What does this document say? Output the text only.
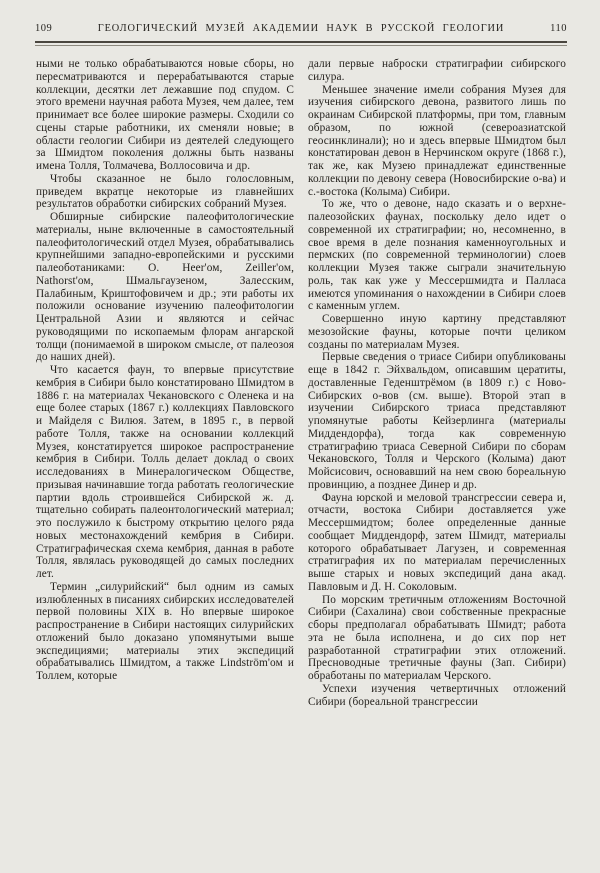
109	ГЕОЛОГИЧЕСКИЙ МУЗЕЙ АКАДЕМИИ НАУК В РУССКОЙ ГЕОЛОГИИ	110

ными не только обрабатываются новые сборы, но пересматриваются и перерабатываются старые коллекции, десятки лет лежавшие под спудом. С этого времени научная работа Музея, чем далее, тем принимает все более широкие размеры. Сходили со сцены старые работники, их сменяли новые; в области геологии Сибири из деятелей следующего за Шмидтом поколения должны быть названы имена Толля, Толмачева, Воллосовича и др.

Чтобы сказанное не было голословным, приведем вкратце некоторые из главнейших результатов обработки сибирских собраний Музея.

Обширные сибирские палеофитологические материалы, ныне включенные в самостоятельный палеофитологический отдел Музея, обрабатывались крупнейшими западно-европейскими и русскими палеоботаниками: O. Heer'ом, Zeiller'ом, Nathorst'ом, Шмальгаузеном, Залесским, Палабиным, Криштофовичем и др.; эти работы их положили основание изучению палеофитологии Центральной Азии и являются и сейчас руководящими по ископаемым флорам ангарской толщи (понимаемой в широком смысле, от палеозоя до наших дней).

Что касается фаун, то впервые присутствие кембрия в Сибири было констатировано Шмидтом в 1886 г. на материалах Чекановского с Оленека и на еще более старых (1867 г.) коллекциях Павловского и Майделя с Вилюя. Затем, в 1895 г., в первой работе Толля, также на основании коллекций Музея, констатируется широкое распространение кембрия в Сибири. Толль делает доклад о своих исследованиях в Минералогическом Обществе, призывая начинавшие тогда работать геологические партии вдоль строившейся Сибирской ж. д. тщательно собирать палеонтологический материал; это послужило к быстрому открытию целого ряда новых местонахождений кембрия в Сибири. Стратиграфическая схема кембрия, данная в работе Толля, являлась руководящей до самых последних лет.

Термин „силурийский“ был одним из самых излюбленных в писаниях сибирских исследователей первой половины XIX в. Но впервые широкое распространение в Сибири настоящих силурийских отложений было доказано упомянутыми выше экспедициями; материалы этих экспедиций обрабатывались Шмидтом, а также Lindström'ом и Толлем, которые

дали первые наброски стратиграфии сибирского силура.

Меньшее значение имели собрания Музея для изучения сибирского девона, развитого лишь по окраинам Сибирской платформы, при том, главным образом, по южной (североазиатской геосинклинали); но и здесь впервые Шмидтом был констатирован девон в Нерчинском округе (1868 г.), так же, как Музею принадлежат единственные коллекции по девону севера (Новосибирские о-ва) и с.-востока (Колыма) Сибири.

То же, что о девоне, надо сказать и о верхне-палеозойских фаунах, поскольку дело идет о современной их стратиграфии; но, несомненно, в свое время в деле познания каменноугольных и пермских (по современной терминологии) слоев коллекции Музея также сыграли значительную роль, так как уже у Мессершмидта и Палласа имеются упоминания о нахождении в Сибири слоев с каменным углем.

Совершенно иную картину представляют мезозойские фауны, которые почти целиком созданы по материалам Музея.

Первые сведения о триасе Сибири опубликованы еще в 1842 г. Эйхвальдом, описавшим цератиты, доставленные Геденштрёмом (в 1809 г.) с Ново-Сибирских о-вов (см. выше). Второй этап в изучении Сибирского триаса представляют упомянутые работы Кейзерлинга (материалы Миддендорфа), тогда как современную стратиграфию триаса Северной Сибири по сборам Чекановского, Толля и Черского (Колыма) дают Мойсисович, основавший на нем свою бореальную провинцию, а позднее Динер и др.

Фауна юрской и меловой трансгрессии севера и, отчасти, востока Сибири доставляется уже Мессершмидтом; более определенные данные сообщает Миддендорф, затем Шмидт, материалы которого обрабатывает Лагузен, и современная стратиграфия их по материалам перечисленных выше старых и новых экспедиций дана акад. Павловым и Д. Н. Соколовым.

По морским третичным отложениям Восточной Сибири (Сахалина) свои собственные прекрасные сборы предполагал обрабатывать Шмидт; работа эта не была исполнена, и до сих пор нет разработанной стратиграфии этих отложений. Пресноводные третичные фауны (Зап. Сибири) обработаны по материалам Черского.

Успехи изучения четвертичных отложений Сибири (бореальной трансгрессии
